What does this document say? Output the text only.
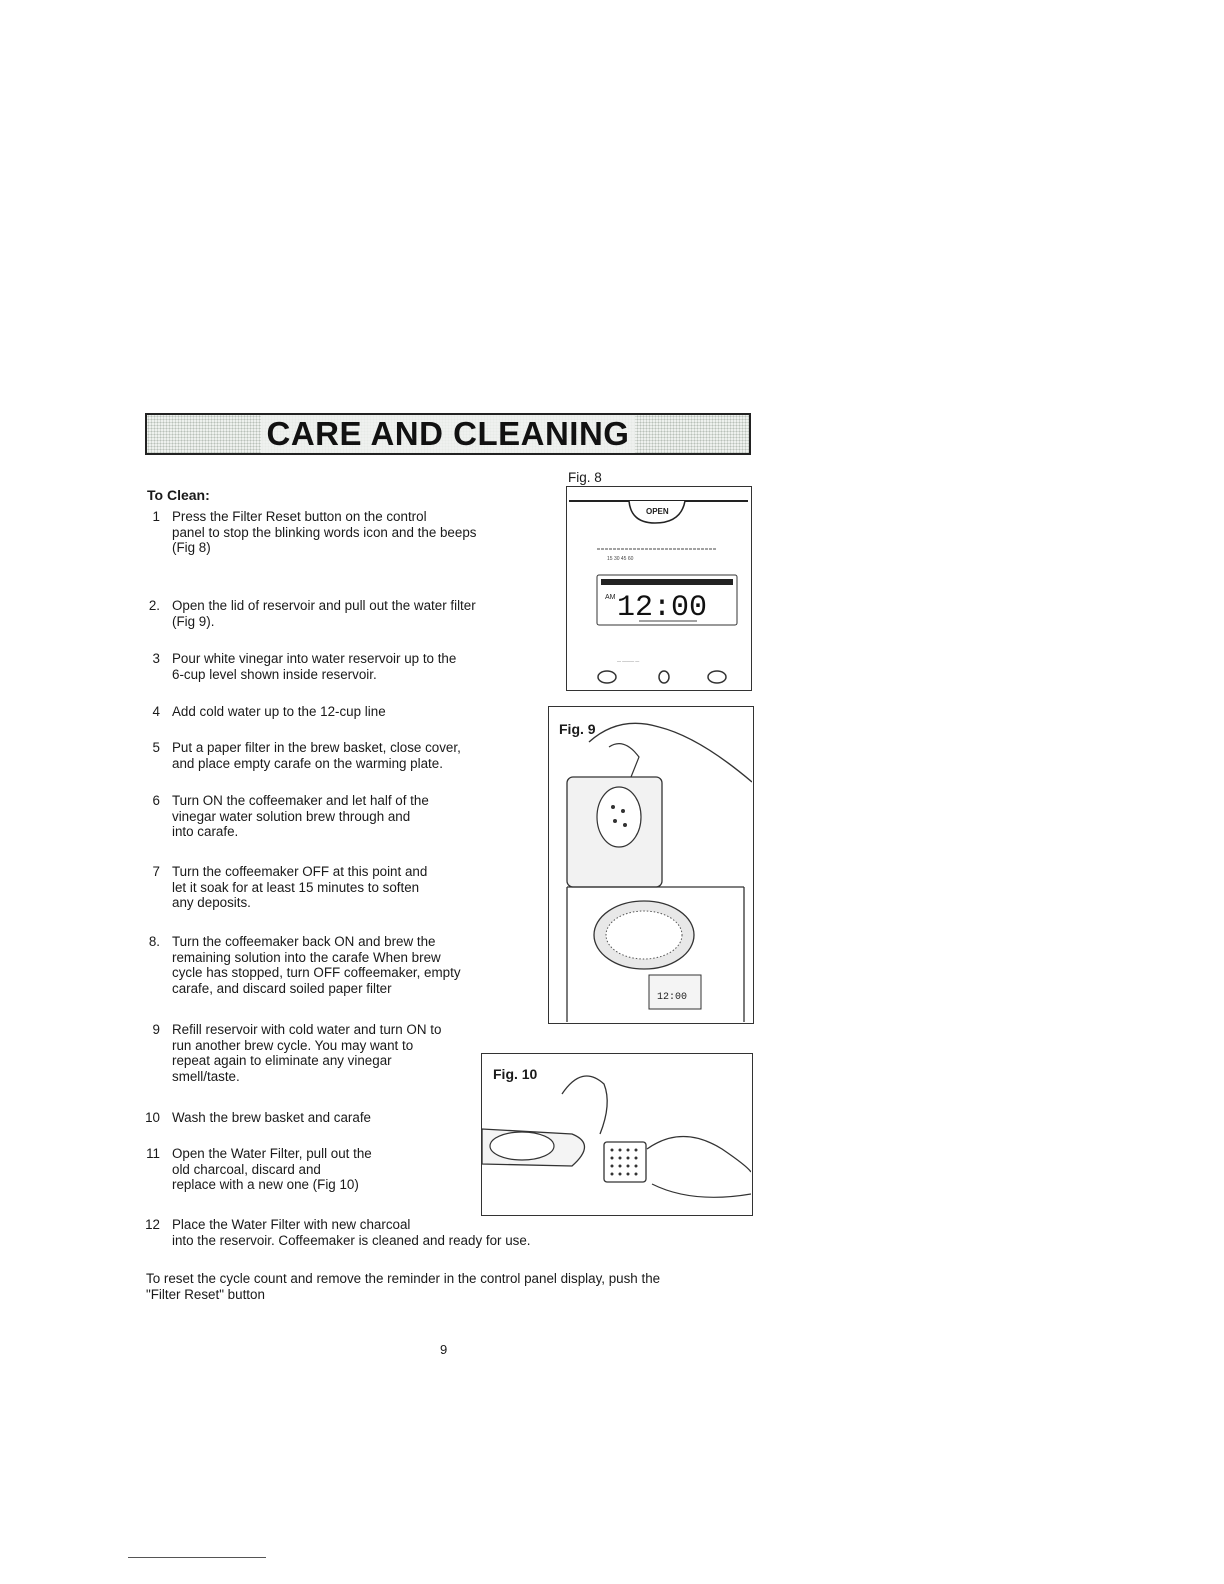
CARE AND CLEANING
To Clean:
1 Press the Filter Reset button on the control
panel to stop the blinking words icon and the beeps
(Fig 8)
2. Open the lid of reservoir and pull out the water filter
(Fig 9).
3 Pour white vinegar into water reservoir up to the
6-cup level shown inside reservoir.
4 Add cold water up to the 12-cup line
5 Put a paper filter in the brew basket, close cover,
and place empty carafe on the warming plate.
6 Turn ON the coffeemaker and let half of the
vinegar water solution brew through and
into carafe.
7 Turn the coffeemaker OFF at this point and
let it soak for at least 15 minutes to soften
any deposits.
8. Turn the coffeemaker back ON and brew the
remaining solution into the carafe When brew
cycle has stopped, turn OFF coffeemaker, empty
carafe, and discard soiled paper filter
9 Refill reservoir with cold water and turn ON to
run another brew cycle. You may want to
repeat again to eliminate any vinegar
smell/taste.
10 Wash the brew basket and carafe
11 Open the Water Filter, pull out the
old charcoal, discard and
replace with a new one (Fig 10)
12 Place the Water Filter with new charcoal
into the reservoir. Coffeemaker is cleaned and ready for use.
To reset the cycle count and remove the reminder in the control panel display, push the
"Filter Reset" button
9
Fig. 8
OPEN
15 30 45 60
AM 12:00
— ——— —
Fig. 9
12:00
Fig. 10
